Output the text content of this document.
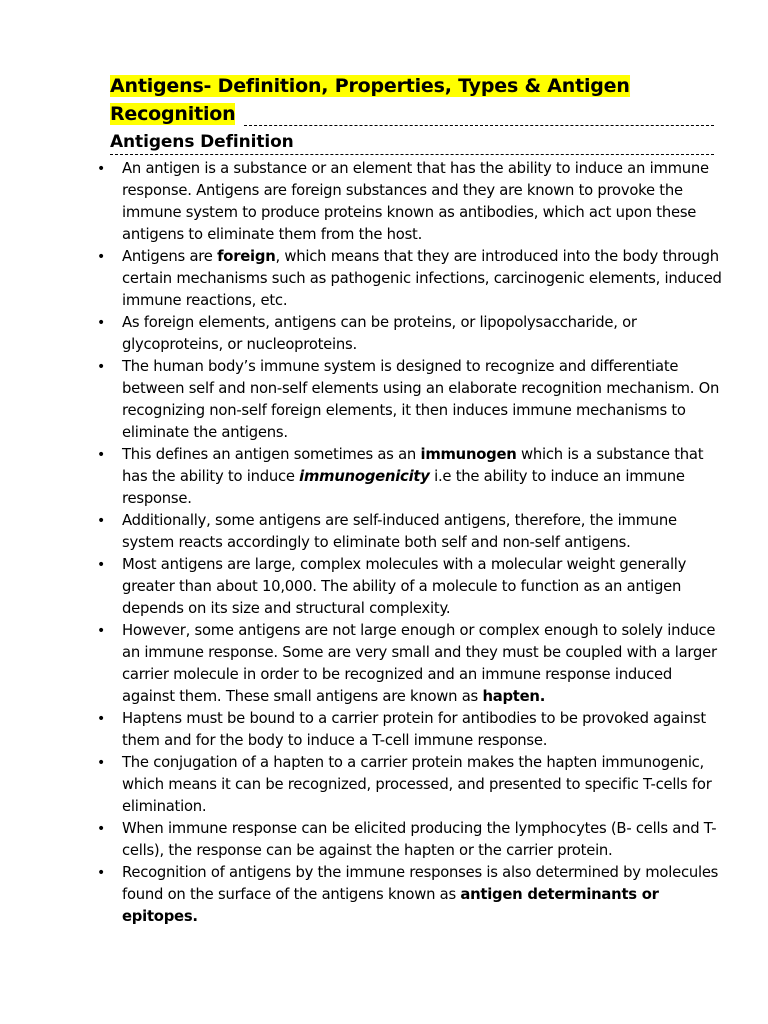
Antigens- Definition, Properties, Types & Antigen Recognition
Antigens Definition
• An antigen is a substance or an element that has the ability to induce an immune response. Antigens are foreign substances and they are known to provoke the immune system to produce proteins known as antibodies, which act upon these antigens to eliminate them from the host.
• Antigens are foreign, which means that they are introduced into the body through certain mechanisms such as pathogenic infections, carcinogenic elements, induced immune reactions, etc.
• As foreign elements, antigens can be proteins, or lipopolysaccharide, or glycoproteins, or nucleoproteins.
• The human body’s immune system is designed to recognize and differentiate between self and non-self elements using an elaborate recognition mechanism. On recognizing non-self foreign elements, it then induces immune mechanisms to eliminate the antigens.
• This defines an antigen sometimes as an immunogen which is a substance that has the ability to induce immunogenicity i.e the ability to induce an immune response.
• Additionally, some antigens are self-induced antigens, therefore, the immune system reacts accordingly to eliminate both self and non-self antigens.
• Most antigens are large, complex molecules with a molecular weight generally greater than about 10,000. The ability of a molecule to function as an antigen depends on its size and structural complexity.
• However, some antigens are not large enough or complex enough to solely induce an immune response. Some are very small and they must be coupled with a larger carrier molecule in order to be recognized and an immune response induced against them. These small antigens are known as hapten.
• Haptens must be bound to a carrier protein for antibodies to be provoked against them and for the body to induce a T-cell immune response.
• The conjugation of a hapten to a carrier protein makes the hapten immunogenic, which means it can be recognized, processed, and presented to specific T-cells for elimination.
• When immune response can be elicited producing the lymphocytes (B- cells and T-cells), the response can be against the hapten or the carrier protein.
• Recognition of antigens by the immune responses is also determined by molecules found on the surface of the antigens known as antigen determinants or epitopes.
